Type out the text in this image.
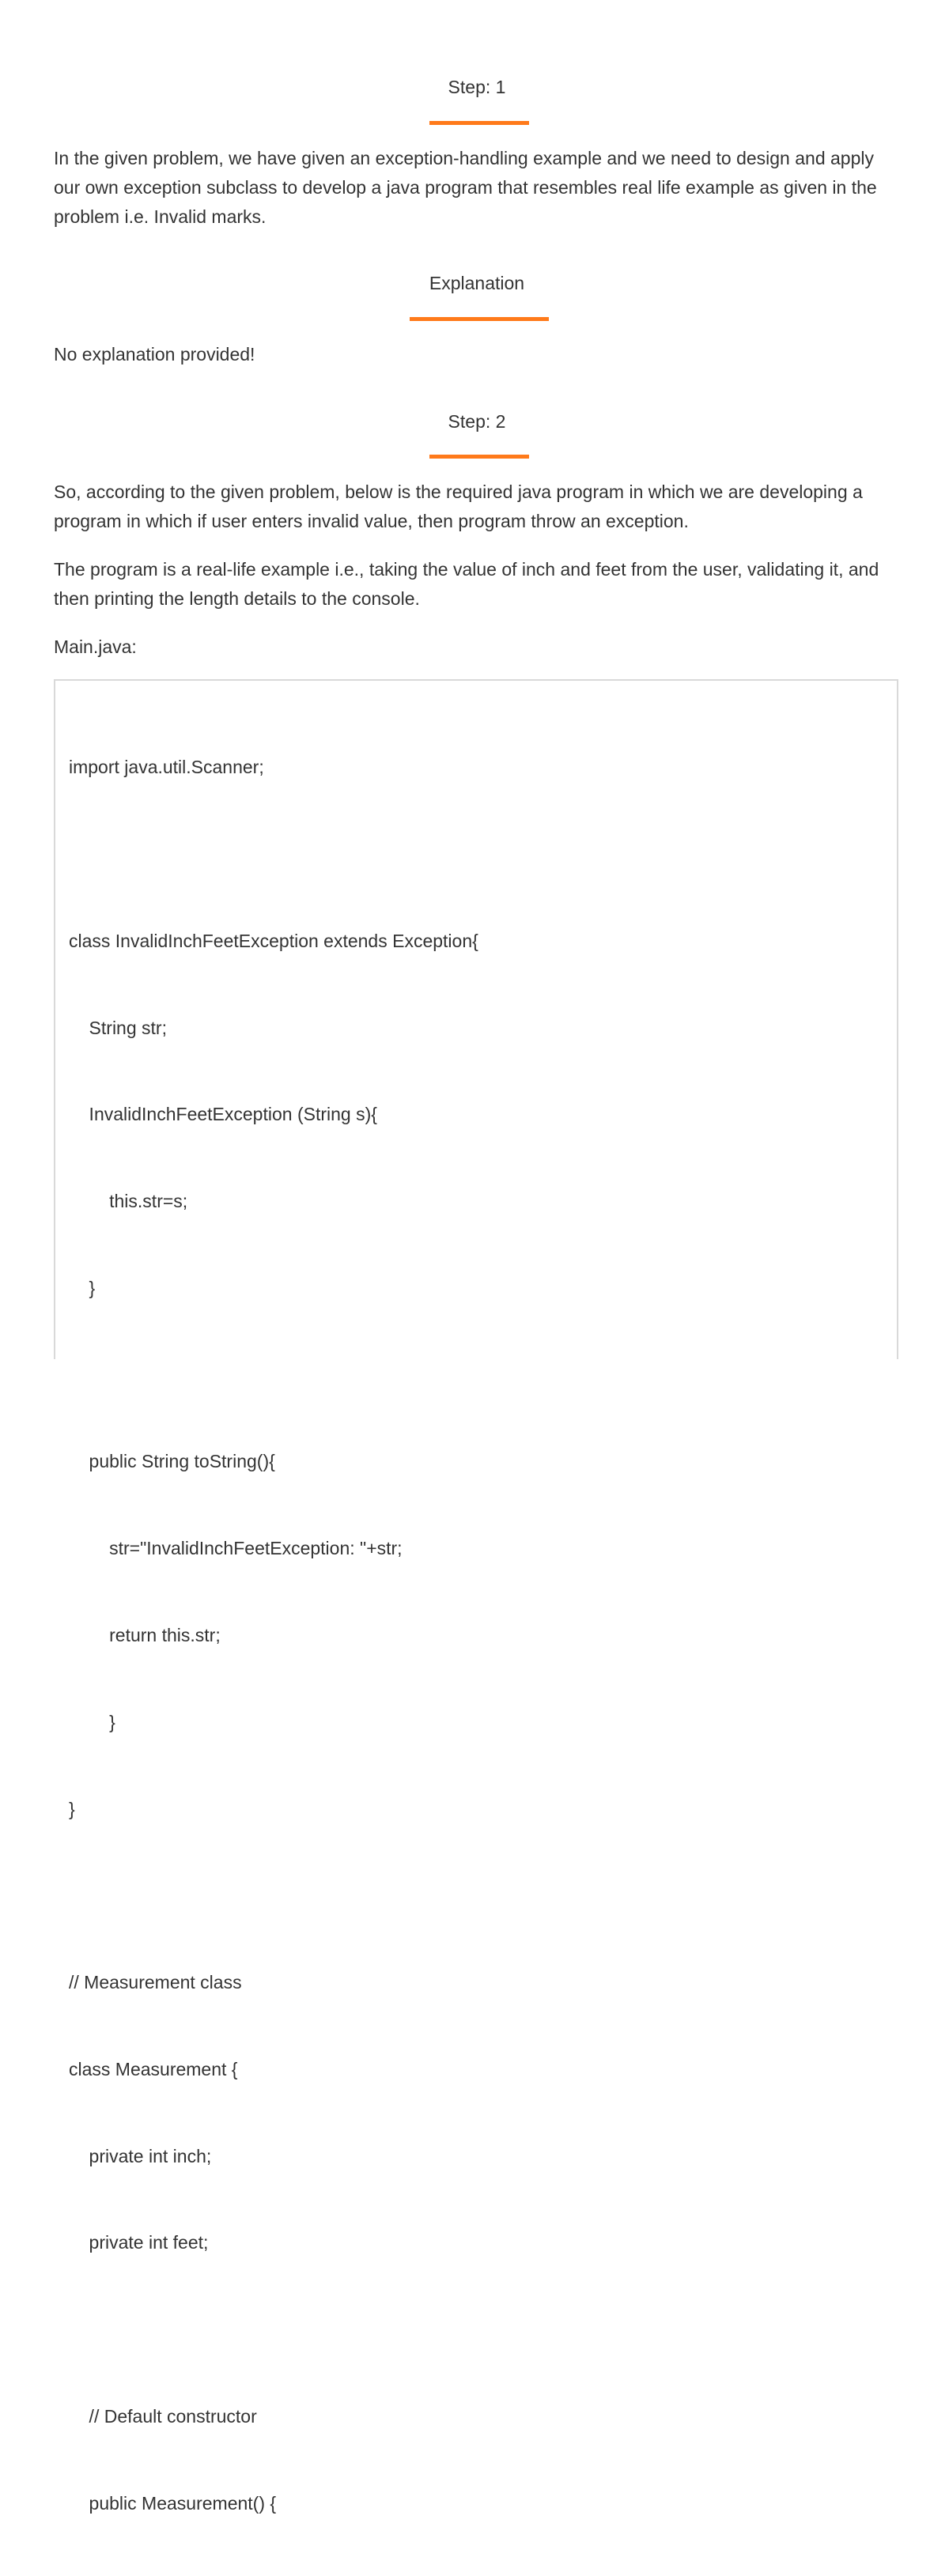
Step: 1

In the given problem, we have given an exception-handling example and we need to design and apply our own exception subclass to develop a java program that resembles real life example as given in the problem i.e. Invalid marks.

Explanation

No explanation provided!

Step: 2

So, according to the given problem, below is the required java program in which we are developing a program in which if user enters invalid value, then program throw an exception.

The program is a real-life example i.e., taking the value of inch and feet from the user, validating it, and then printing the length details to the console.

Main.java:

import java.util.Scanner;

class InvalidInchFeetException extends Exception{

String str;

InvalidInchFeetException (String s){

this.str=s;

}

public String toString(){

str="InvalidInchFeetException: "+str;

return this.str;

}

}

// Measurement class

class Measurement {

private int inch;

private int feet;

// Default constructor

public Measurement() {
